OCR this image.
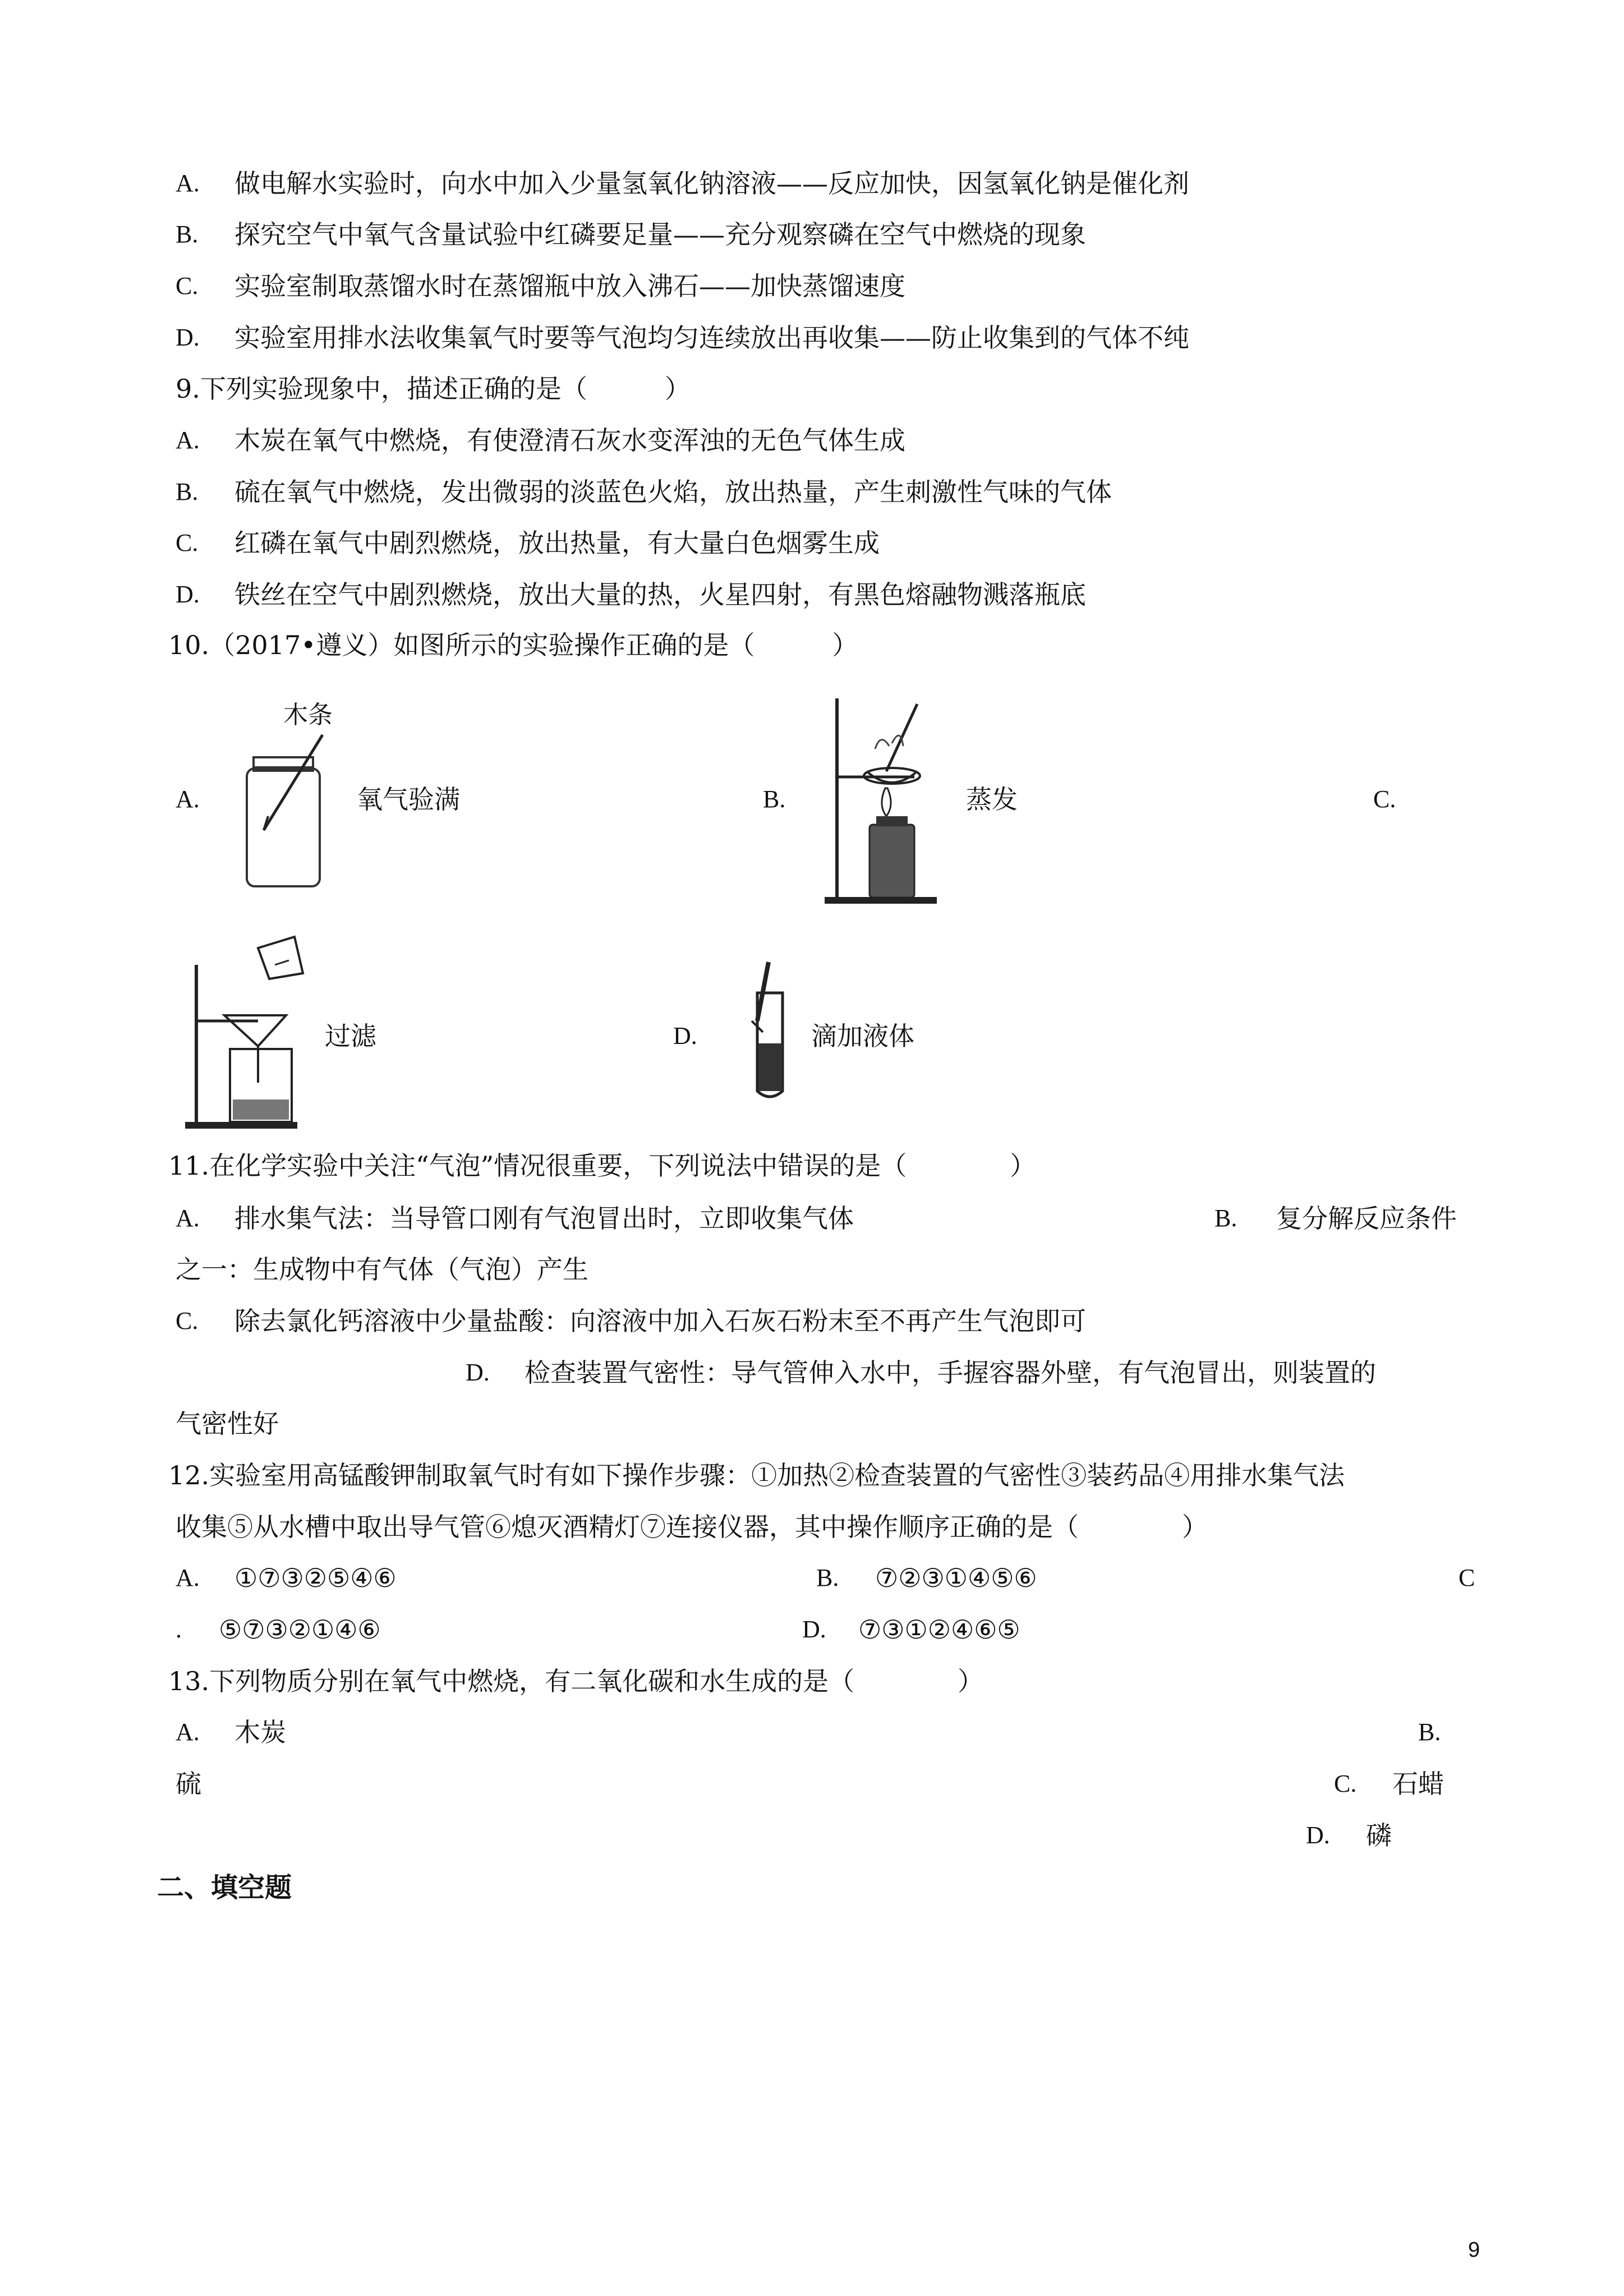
A. 做电解水实验时，向水中加入少量氢氧化钠溶液——反应加快，因氢氧化钠是催化剂
B. 探究空气中氧气含量试验中红磷要足量——充分观察磷在空气中燃烧的现象
C. 实验室制取蒸馏水时在蒸馏瓶中放入沸石——加快蒸馏速度
D. 实验室用排水法收集氧气时要等气泡均匀连续放出再收集——防止收集到的气体不纯
9.下列实验现象中，描述正确的是（　　　）
A. 木炭在氧气中燃烧，有使澄清石灰水变浑浊的无色气体生成
B. 硫在氧气中燃烧，发出微弱的淡蓝色火焰，放出热量，产生刺激性气味的气体
C. 红磷在氧气中剧烈燃烧，放出热量，有大量白色烟雾生成
D. 铁丝在空气中剧烈燃烧，放出大量的热，火星四射，有黑色熔融物溅落瓶底
10.（2017•遵义）如图所示的实验操作正确的是（　　　）
木条
A.	氧气验满	B.	蒸发	C.
过滤	D.	滴加液体
11.在化学实验中关注“气泡”情况很重要，下列说法中错误的是（　　　　）
A. 排水集气法：当导管口刚有气泡冒出时，立即收集气体	B. 复分解反应条件
之一：生成物中有气体（气泡）产生
C. 除去氯化钙溶液中少量盐酸：向溶液中加入石灰石粉末至不再产生气泡即可
D. 检查装置气密性：导气管伸入水中，手握容器外壁，有气泡冒出，则装置的
气密性好
12.实验室用高锰酸钾制取氧气时有如下操作步骤：①加热②检查装置的气密性③装药品④用排水集气法
收集⑤从水槽中取出导气管⑥熄灭酒精灯⑦连接仪器，其中操作顺序正确的是（　　　　）
A. ①⑦③②⑤④⑥	B. ⑦②③①④⑤⑥	C
. ⑤⑦③②①④⑥	D. ⑦③①②④⑥⑤
13.下列物质分别在氧气中燃烧，有二氧化碳和水生成的是（　　　　）
A. 木炭	B.
硫	C. 石蜡
D. 磷
二、填空题
9
